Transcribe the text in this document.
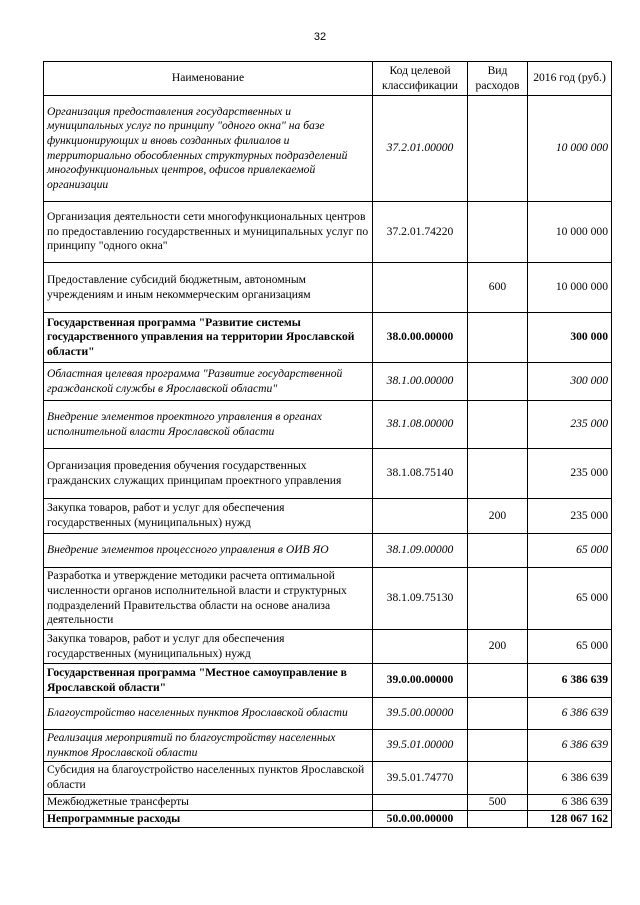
32
Наименование	Код целевой классификации	Вид расходов	2016 год (руб.)
Организация предоставления государственных и муниципальных услуг по принципу "одного окна" на базе функционирующих и вновь созданных филиалов и территориально обособленных структурных подразделений многофункциональных центров, офисов привлекаемой организации	37.2.01.00000		10 000 000
Организация деятельности сети многофункциональных центров по предоставлению государственных и муниципальных услуг по принципу "одного окна"	37.2.01.74220		10 000 000
Предоставление субсидий бюджетным, автономным учреждениям и иным некоммерческим организациям		600	10 000 000
Государственная программа "Развитие системы государственного управления на территории Ярославской области"	38.0.00.00000		300 000
Областная целевая программа "Развитие государственной гражданской службы в Ярославской области"	38.1.00.00000		300 000
Внедрение элементов проектного управления в органах исполнительной власти Ярославской области	38.1.08.00000		235 000
Организация проведения обучения государственных гражданских служащих принципам проектного управления	38.1.08.75140		235 000
Закупка товаров, работ и услуг для обеспечения государственных (муниципальных) нужд		200	235 000
Внедрение элементов процессного управления в ОИВ ЯО	38.1.09.00000		65 000
Разработка и утверждение методики расчета оптимальной численности органов исполнительной власти и структурных подразделений Правительства области на основе анализа деятельности	38.1.09.75130		65 000
Закупка товаров, работ и услуг для обеспечения государственных (муниципальных) нужд		200	65 000
Государственная программа "Местное самоуправление в Ярославской области"	39.0.00.00000		6 386 639
Благоустройство населенных пунктов Ярославской области	39.5.00.00000		6 386 639
Реализация мероприятий по благоустройству населенных пунктов Ярославской области	39.5.01.00000		6 386 639
Субсидия на благоустройство населенных пунктов Ярославской области	39.5.01.74770		6 386 639
Межбюджетные трансферты		500	6 386 639
Непрограммные расходы	50.0.00.00000		128 067 162
